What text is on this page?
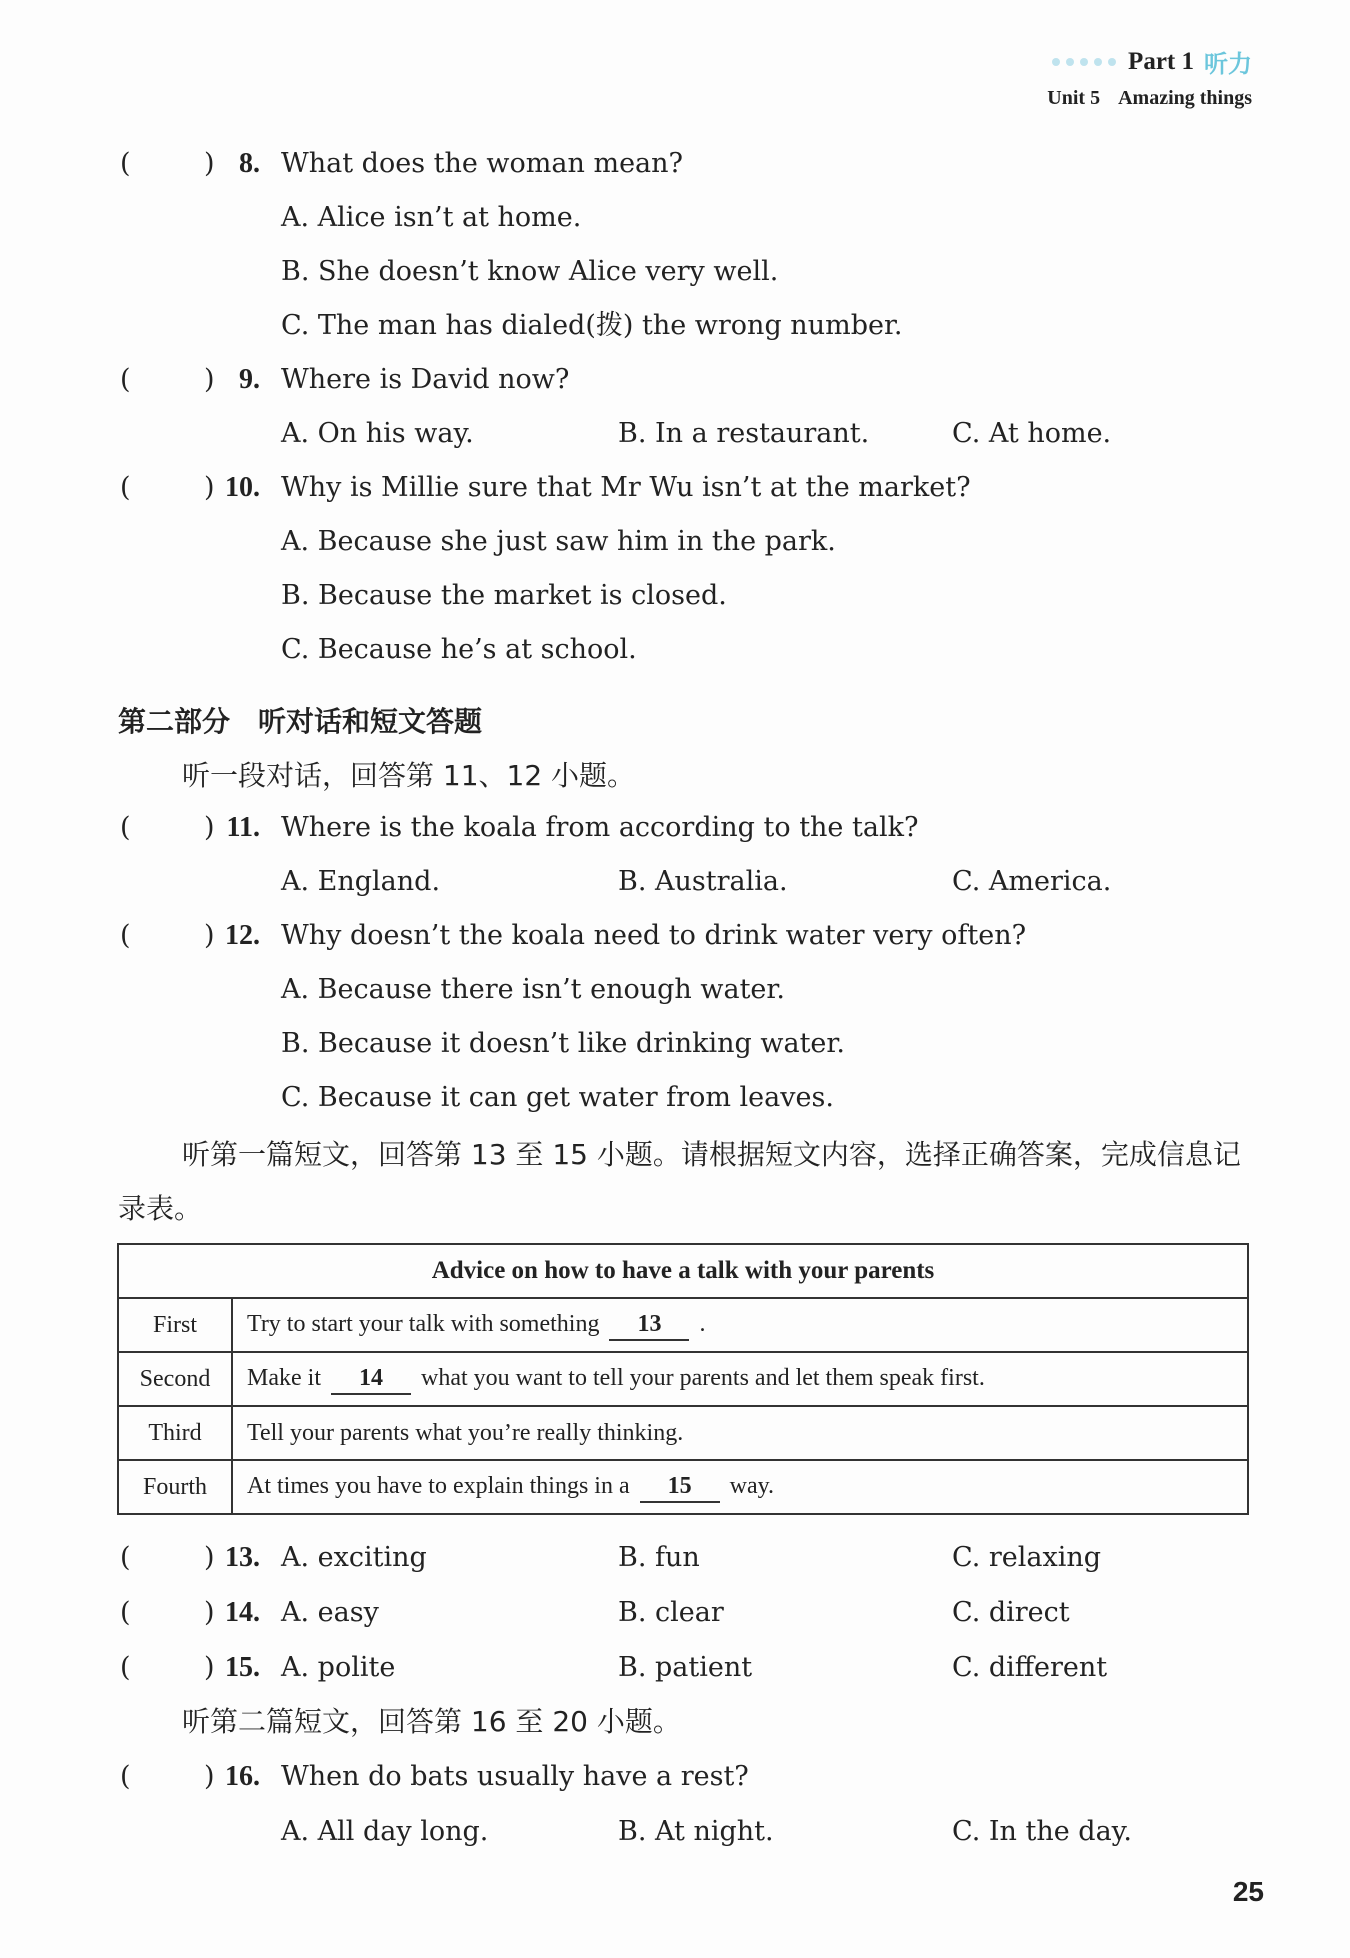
Part 1 听力
Unit 5 Amazing things
(	) 8. What does the woman mean?
A. Alice isn’t at home.
B. She doesn’t know Alice very well.
C. The man has dialed(拨) the wrong number.
(	) 9. Where is David now?
A. On his way.	B. In a restaurant.	C. At home.
(	) 10. Why is Millie sure that Mr Wu isn’t at the market?
A. Because she just saw him in the park.
B. Because the market is closed.
C. Because he’s at school.
第二部分　听对话和短文答题
听一段对话，回答第 11、12 小题。
(	) 11. Where is the koala from according to the talk?
A. England.	B. Australia.	C. America.
(	) 12. Why doesn’t the koala need to drink water very often?
A. Because there isn’t enough water.
B. Because it doesn’t like drinking water.
C. Because it can get water from leaves.
听第一篇短文，回答第 13 至 15 小题。请根据短文内容，选择正确答案，完成信息记录表。
Advice on how to have a talk with your parents	
First	Try to start your talk with something 13 .
Second	Make it 14 what you want to tell your parents and let them speak first.
Third	Tell your parents what you’re really thinking.
Fourth	At times you have to explain things in a 15 way.
(	) 13. A. exciting	B. fun	C. relaxing
(	) 14. A. easy	B. clear	C. direct
(	) 15. A. polite	B. patient	C. different
听第二篇短文，回答第 16 至 20 小题。
(	) 16. When do bats usually have a rest?
A. All day long.	B. At night.	C. In the day.
25
